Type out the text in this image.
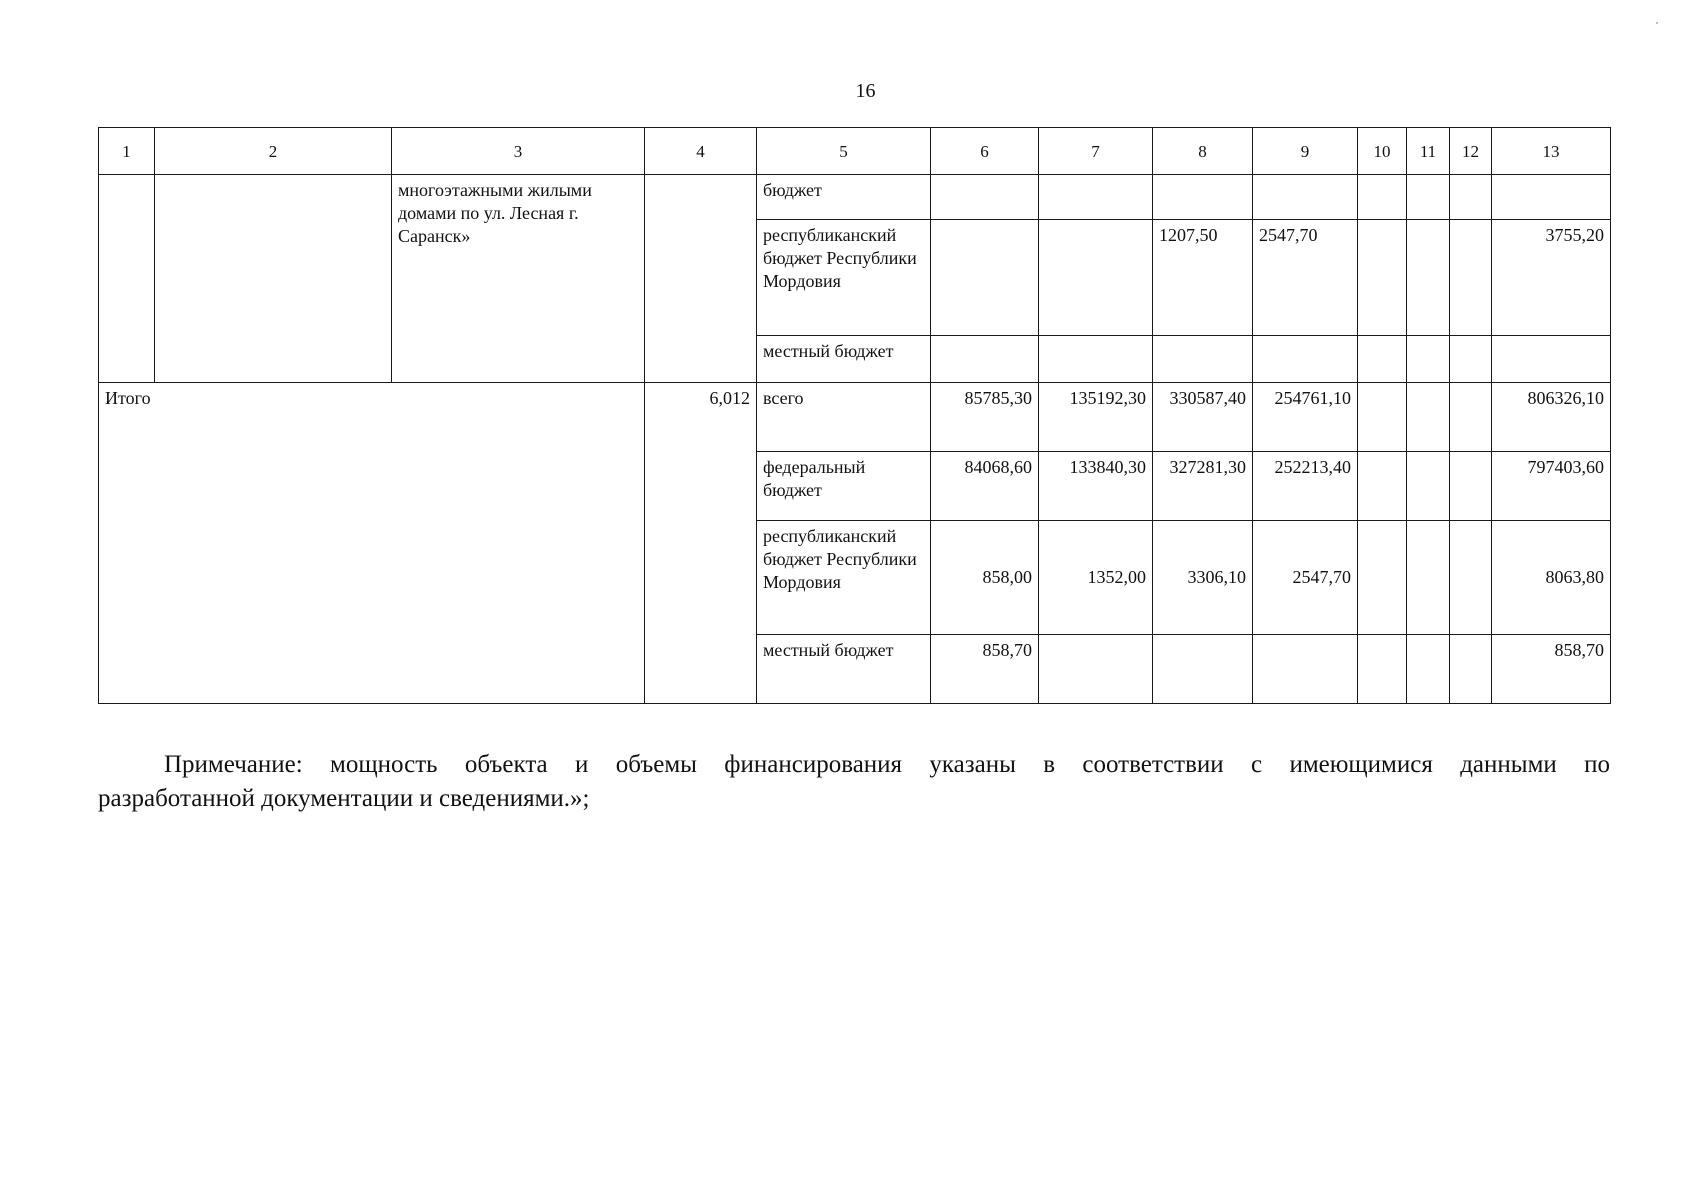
16
1	2	3	4	5	6	7	8	9	10	11	12	13
		многоэтажными жилыми домами по ул. Лесная г. Саранск»		бюджет								
				республиканский бюджет Республики Мордовия			1207,50	2547,70				3755,20
				местный бюджет								
Итого			6,012	всего	85785,30	135192,30	330587,40	254761,10				806326,10
				федеральный бюджет	84068,60	133840,30	327281,30	252213,40				797403,60
				республиканский бюджет Республики Мордовия	858,00	1352,00	3306,10	2547,70				8063,80
				местный бюджет	858,70							858,70
Примечание: мощность объекта и объемы финансирования указаны в соответствии с имеющимися данными по
разработанной документации и сведениями.»;
